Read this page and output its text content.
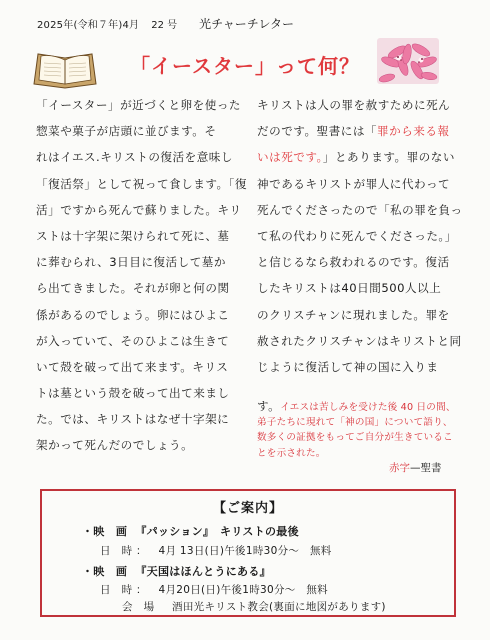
2025年(令和７年)4月 22 号 光チャーチレター
「イースター」って何？
「イースター」が近づくと卵を使った
惣菜や菓子が店頭に並びます。そ
れはイエス.キリストの復活を意味し
「復活祭」として祝って食します。「復
活」ですから死んで蘇りました。キリ
ストは十字架に架けられて死に、墓
に葬むられ、3日目に復活して墓か
ら出てきました。それが卵と何の関
係があるのでしょう。卵にはひよこ
が入っていて、そのひよこは生きて
いて殻を破って出て来ます。キリス
トは墓という殻を破って出て来まし
た。では、キリストはなぜ十字架に
架かって死んだのでしょう。
キリストは人の罪を赦すために死ん
だのです。聖書には「罪から来る報
いは死です。」とあります。罪のない
神であるキリストが罪人に代わって
死んでくださったので「私の罪を負っ
て私の代わりに死んでくださった。」
と信じるなら救われるのです。復活
したキリストは40日間500人以上
のクリスチャンに現れました。罪を
赦されたクリスチャンはキリストと同
じように復活して神の国に入りま
す。イエスは苦しみを受けた後 40 日の間、
弟子たちに現れて「神の国」について語り、
数多くの証拠をもってご自分が生きているこ
とを示された。
赤字—聖書
【ご案内】
・映　画 『パッション』　キリストの最後
日　時 ： 4月 13日(日)午後1時30分～　無料
・映　画 『天国はほんとうにある』
日　時 ： 4月20日(日)午後1時30分～　無料
会　場 酒田光キリスト教会(裏面に地図があります)
